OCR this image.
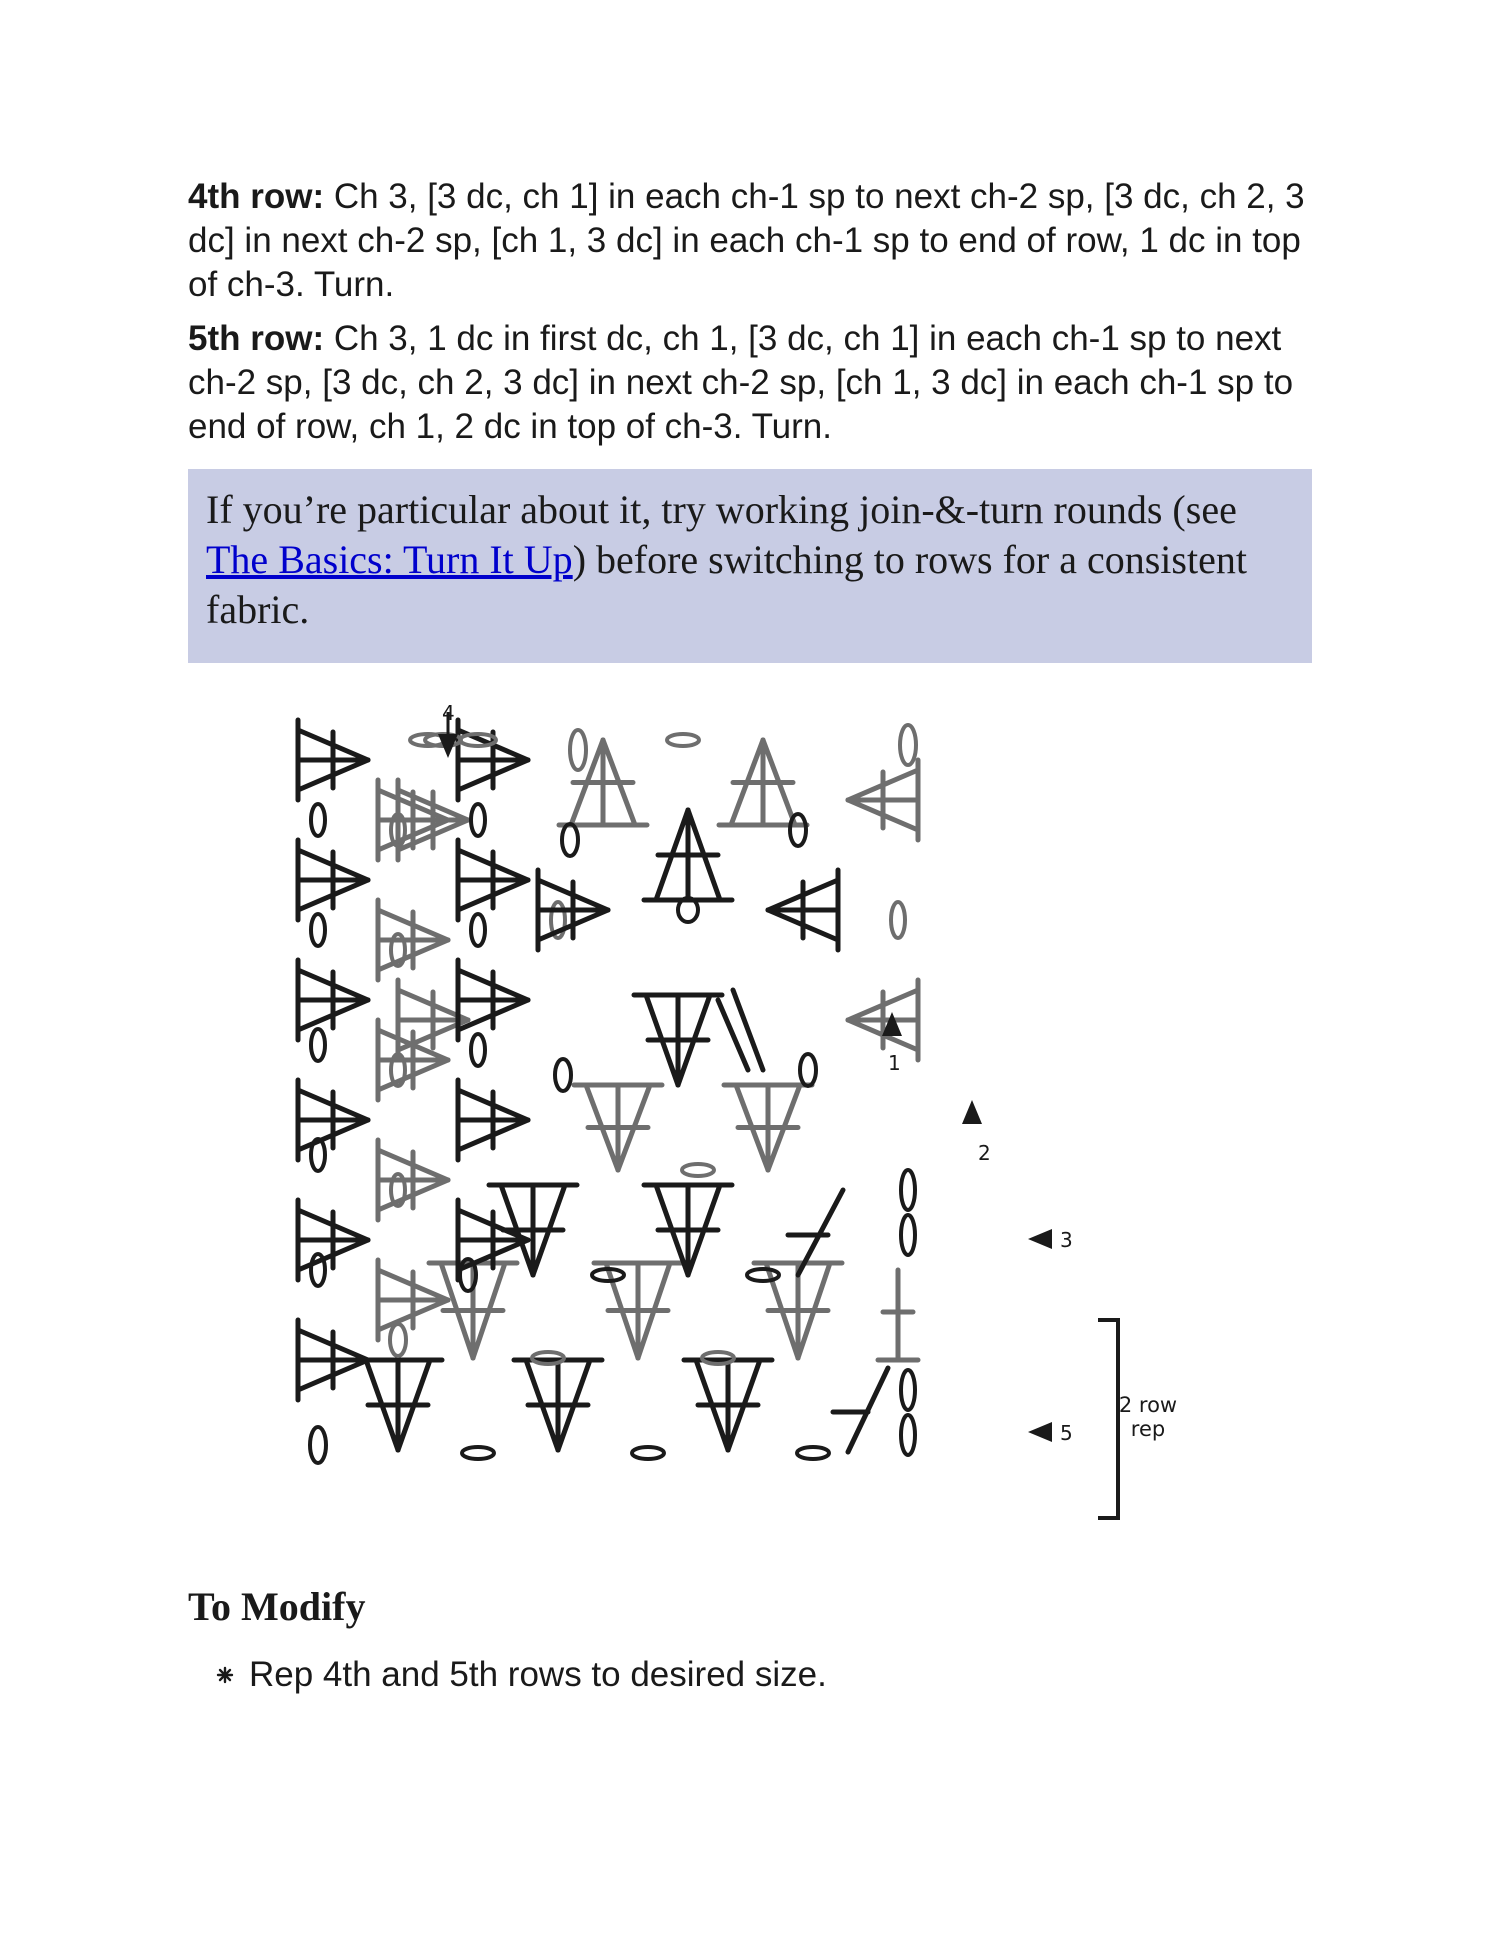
4th row: Ch 3, [3 dc, ch 1] in each ch-1 sp to next ch-2 sp, [3 dc, ch 2, 3 dc] in next ch-2 sp, [ch 1, 3 dc] in each ch-1 sp to end of row, 1 dc in top of ch-3. Turn.

5th row: Ch 3, 1 dc in first dc, ch 1, [3 dc, ch 1] in each ch-1 sp to next ch-2 sp, [3 dc, ch 2, 3 dc] in next ch-2 sp, [ch 1, 3 dc] in each ch-1 sp to end of row, ch 1, 2 dc in top of ch-3. Turn.

If you’re particular about it, try working join-&-turn rounds (see The Basics: Turn It Up) before switching to rows for a consistent fabric.
4
1
2
3
5
2 row
rep
To Modify
Rep 4th and 5th rows to desired size.
